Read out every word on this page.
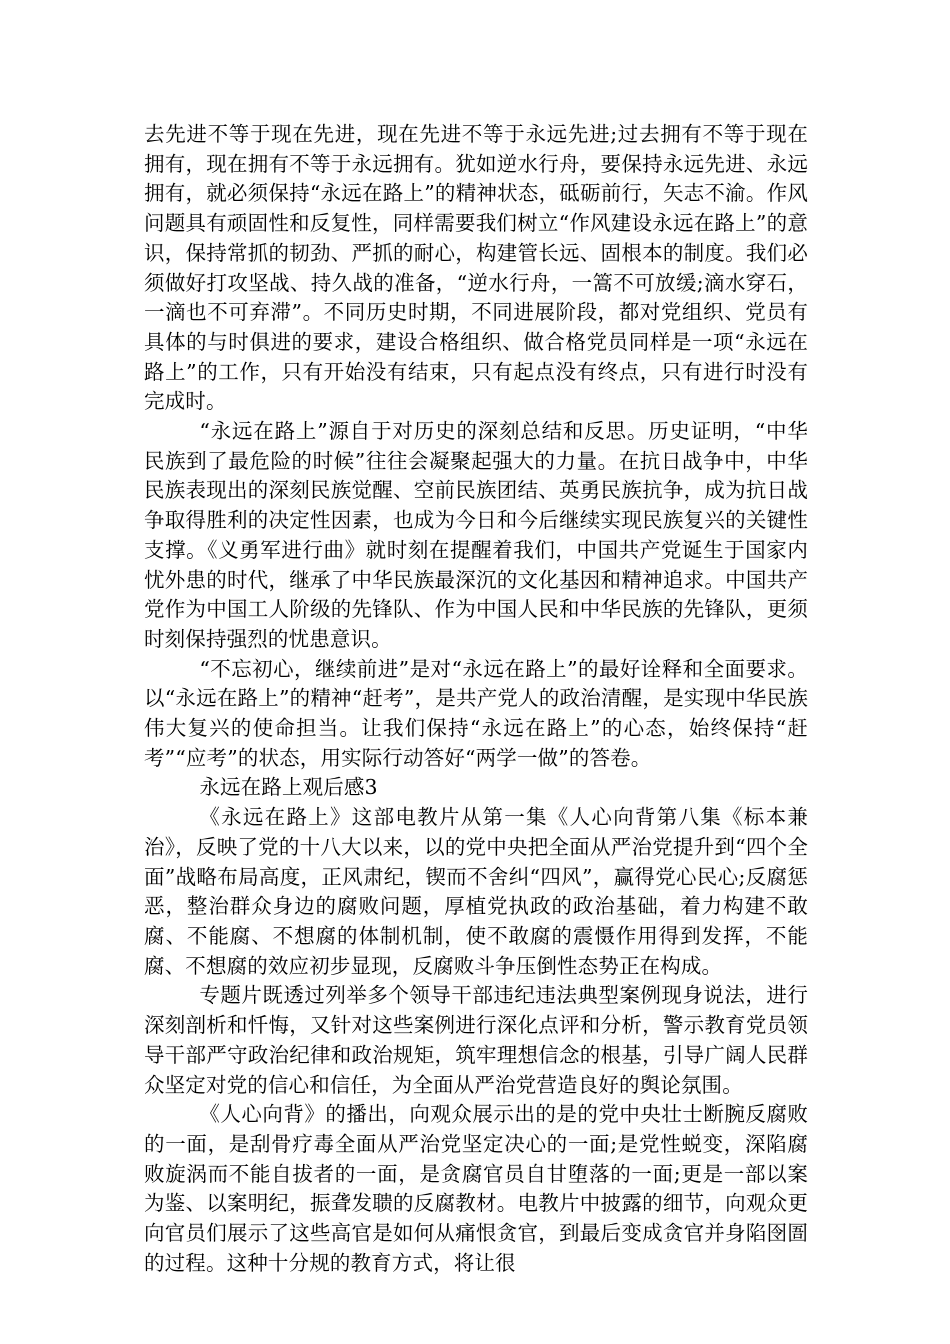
去先进不等于现在先进，现在先进不等于永远先进;过去拥有不等于现在拥有，现在拥有不等于永远拥有。犹如逆水行舟，要保持永远先进、永远拥有，就必须保持“永远在路上”的精神状态，砥砺前行，矢志不渝。作风问题具有顽固性和反复性，同样需要我们树立“作风建设永远在路上”的意识，保持常抓的韧劲、严抓的耐心，构建管长远、固根本的制度。我们必须做好打攻坚战、持久战的准备，“逆水行舟，一篙不可放缓;滴水穿石，一滴也不可弃滞”。不同历史时期，不同进展阶段，都对党组织、党员有具体的与时俱进的要求，建设合格组织、做合格党员同样是一项“永远在路上”的工作，只有开始没有结束，只有起点没有终点，只有进行时没有完成时。

“永远在路上”源自于对历史的深刻总结和反思。历史证明，“中华民族到了最危险的时候”往往会凝聚起强大的力量。在抗日战争中，中华民族表现出的深刻民族觉醒、空前民族团结、英勇民族抗争，成为抗日战争取得胜利的决定性因素，也成为今日和今后继续实现民族复兴的关键性支撑。《义勇军进行曲》就时刻在提醒着我们，中国共产党诞生于国家内忧外患的时代，继承了中华民族最深沉的文化基因和精神追求。中国共产党作为中国工人阶级的先锋队、作为中国人民和中华民族的先锋队，更须时刻保持强烈的忧患意识。

“不忘初心，继续前进”是对“永远在路上”的最好诠释和全面要求。以“永远在路上”的精神“赶考”，是共产党人的政治清醒，是实现中华民族伟大复兴的使命担当。让我们保持“永远在路上”的心态，始终保持“赶考”“应考”的状态，用实际行动答好“两学一做”的答卷。

永远在路上观后感3

《永远在路上》这部电教片从第一集《人心向背第八集《标本兼治》，反映了党的十八大以来，以的党中央把全面从严治党提升到“四个全面”战略布局高度，正风肃纪，锲而不舍纠“四风”，赢得党心民心;反腐惩恶，整治群众身边的腐败问题，厚植党执政的政治基础，着力构建不敢腐、不能腐、不想腐的体制机制，使不敢腐的震慑作用得到发挥，不能腐、不想腐的效应初步显现，反腐败斗争压倒性态势正在构成。

专题片既透过列举多个领导干部违纪违法典型案例现身说法，进行深刻剖析和忏悔，又针对这些案例进行深化点评和分析，警示教育党员领导干部严守政治纪律和政治规矩，筑牢理想信念的根基，引导广阔人民群众坚定对党的信心和信任，为全面从严治党营造良好的舆论氛围。

《人心向背》的播出，向观众展示出的是的党中央壮士断腕反腐败的一面，是刮骨疗毒全面从严治党坚定决心的一面;是党性蜕变，深陷腐败旋涡而不能自拔者的一面，是贪腐官员自甘堕落的一面;更是一部以案为鉴、以案明纪，振聋发聩的反腐教材。电教片中披露的细节，向观众更向官员们展示了这些高官是如何从痛恨贪官，到最后变成贪官并身陷囹圄的过程。这种十分规的教育方式，将让很
